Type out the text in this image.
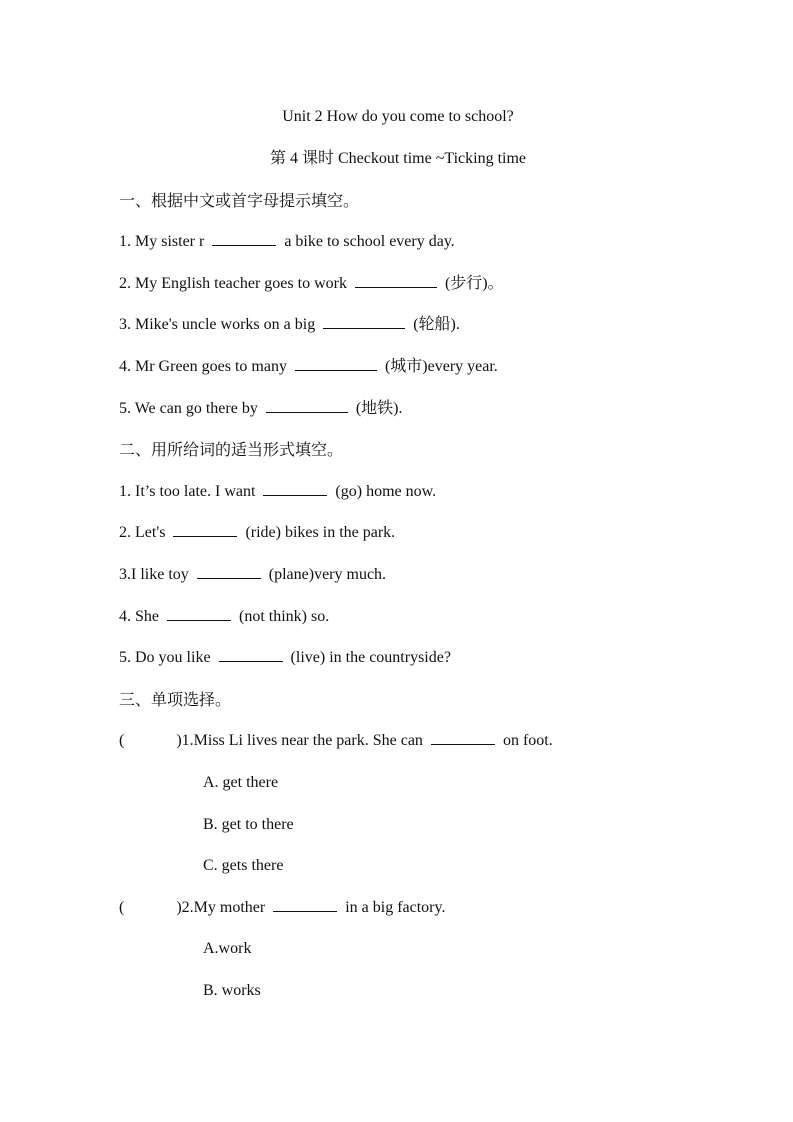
Unit 2 How do you come to school?
第 4 课时 Checkout time ~Ticking time
一、根据中文或首字母提示填空。
1. My sister r	a bike to school every day.
2. My English teacher goes to work	(步行)。
3. Mike's uncle works on a big	(轮船).
4. Mr Green goes to many	(城市)every year.
5. We can go there by	(地铁).
二、用所给词的适当形式填空。
1. It’s too late. I want	(go) home now.
2. Let's	(ride) bikes in the park.
3.I like toy	(plane)very much.
4. She	(not think) so.
5. Do you like	(live) in the countryside?
三、单项选择。
(	)1.Miss Li lives near the park. She can	on foot.
A. get there
B. get to there
C. gets there
(	)2.My mother	in a big factory.
A.work
B. works
